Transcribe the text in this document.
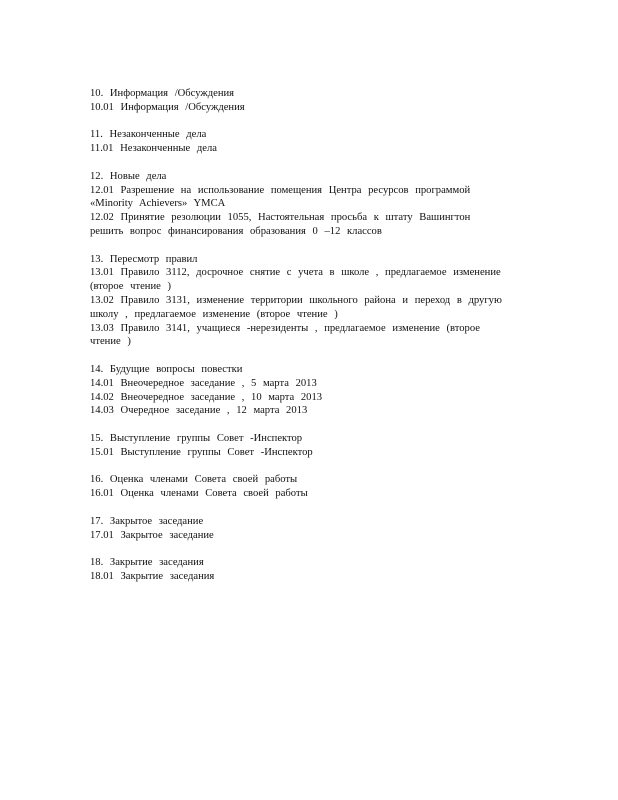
10. Информация /Обсуждения
10.01 Информация /Обсуждения
11. Незаконченные дела
11.01 Незаконченные дела
12. Новые дела
12.01 Разрешение на использование помещения Центра ресурсов программой
«Minority Achievers» YMCA
12.02 Принятие резолюции 1055, Настоятельная просьба к штату Вашингтон
решить вопрос финансирования образования 0 –12 классов
13. Пересмотр правил
13.01 Правило 3112, досрочное снятие с учета в школе , предлагаемое изменение
(второе чтение )
13.02 Правило 3131, изменение территории школьного района и переход в другую
школу , предлагаемое изменение (второе чтение )
13.03 Правило 3141, учащиеся -нерезиденты , предлагаемое изменение (второе
чтение )
14. Будущие вопросы повестки
14.01 Внеочередное заседание , 5 марта 2013
14.02 Внеочередное заседание , 10 марта 2013
14.03 Очередное заседание , 12 марта 2013
15. Выступление группы Совет -Инспектор
15.01 Выступление группы Совет -Инспектор
16. Оценка членами Совета своей работы
16.01 Оценка членами Совета своей работы
17. Закрытое заседание
17.01 Закрытое заседание
18. Закрытие заседания
18.01 Закрытие заседания
